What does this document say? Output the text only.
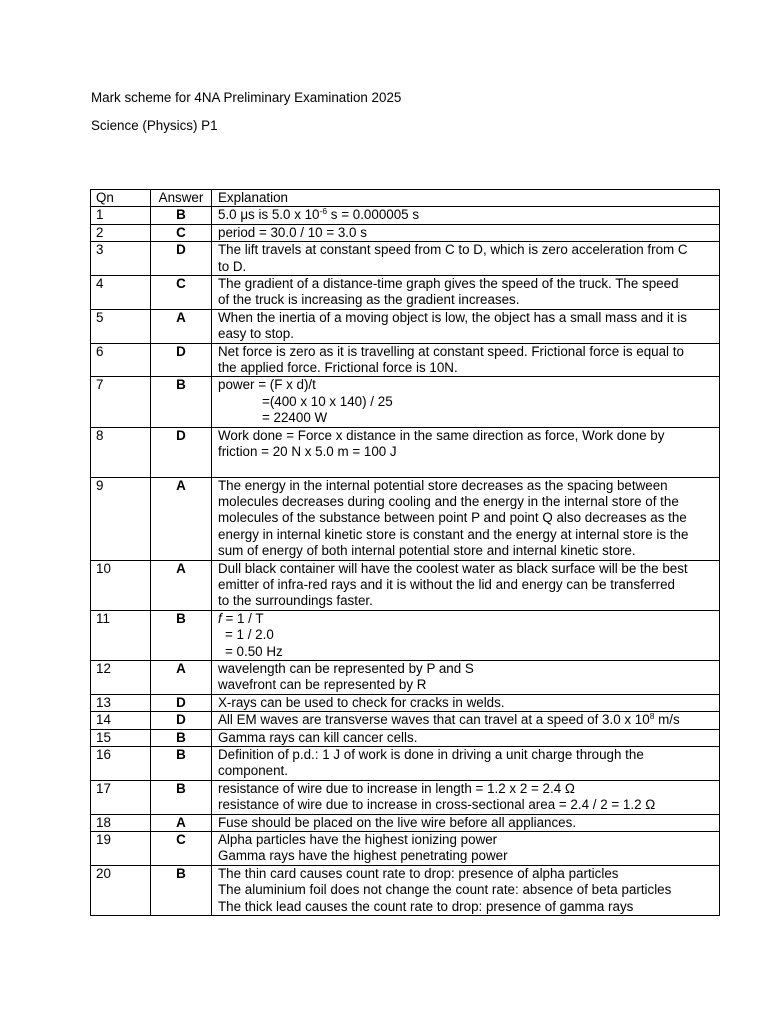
Mark scheme for 4NA Preliminary Examination 2025
Science (Physics) P1
Qn	Answer	Explanation
1	B	5.0 μs is 5.0 x $10^{-6}$ s = 0.000005 s

2	C	period = 30.0 / 10 = 3.0 s

3	D	The lift travels at constant speed from C to D, which is zero acceleration from C
to D.

4	C	The gradient of a distance-time graph gives the speed of the truck. The speed
of the truck is increasing as the gradient increases.

5	A	When the inertia of a moving object is low, the object has a small mass and it is
easy to stop.

6	D	Net force is zero as it is travelling at constant speed. Frictional force is equal to
the applied force. Frictional force is 10N.

7	B	power = (F x d)/t
=(400 x 10 x 140) / 25
= 22400 W

8	D	Work done = Force x distance in the same direction as force, Work done by
friction = 20 N x 5.0 m = 100 J

9	A	The energy in the internal potential store decreases as the spacing between
molecules decreases during cooling and the energy in the internal store of the
molecules of the substance between point P and point Q also decreases as the
energy in internal kinetic store is constant and the energy at internal store is the
sum of energy of both internal potential store and internal kinetic store.

10	A	Dull black container will have the coolest water as black surface will be the best
emitter of infra-red rays and it is without the lid and energy can be transferred
to the surroundings faster.

11	B	f = 1 / T
= 1 / 2.0
= 0.50 Hz

12	A	wavelength can be represented by P and S
wavefront can be represented by R

13	D	X-rays can be used to check for cracks in welds.

14	D	All EM waves are transverse waves that can travel at a speed of 3.0 x $10^8$ m/s

15	B	Gamma rays can kill cancer cells.

16	B	Definition of p.d.: 1 J of work is done in driving a unit charge through the
component.

17	B	resistance of wire due to increase in length = 1.2 x 2 = 2.4 Ω
resistance of wire due to increase in cross-sectional area = 2.4 / 2 = 1.2 Ω

18	A	Fuse should be placed on the live wire before all appliances.

19	C	Alpha particles have the highest ionizing power
Gamma rays have the highest penetrating power

20	B	The thin card causes count rate to drop: presence of alpha particles
The aluminium foil does not change the count rate: absence of beta particles
The thick lead causes the count rate to drop: presence of gamma rays
